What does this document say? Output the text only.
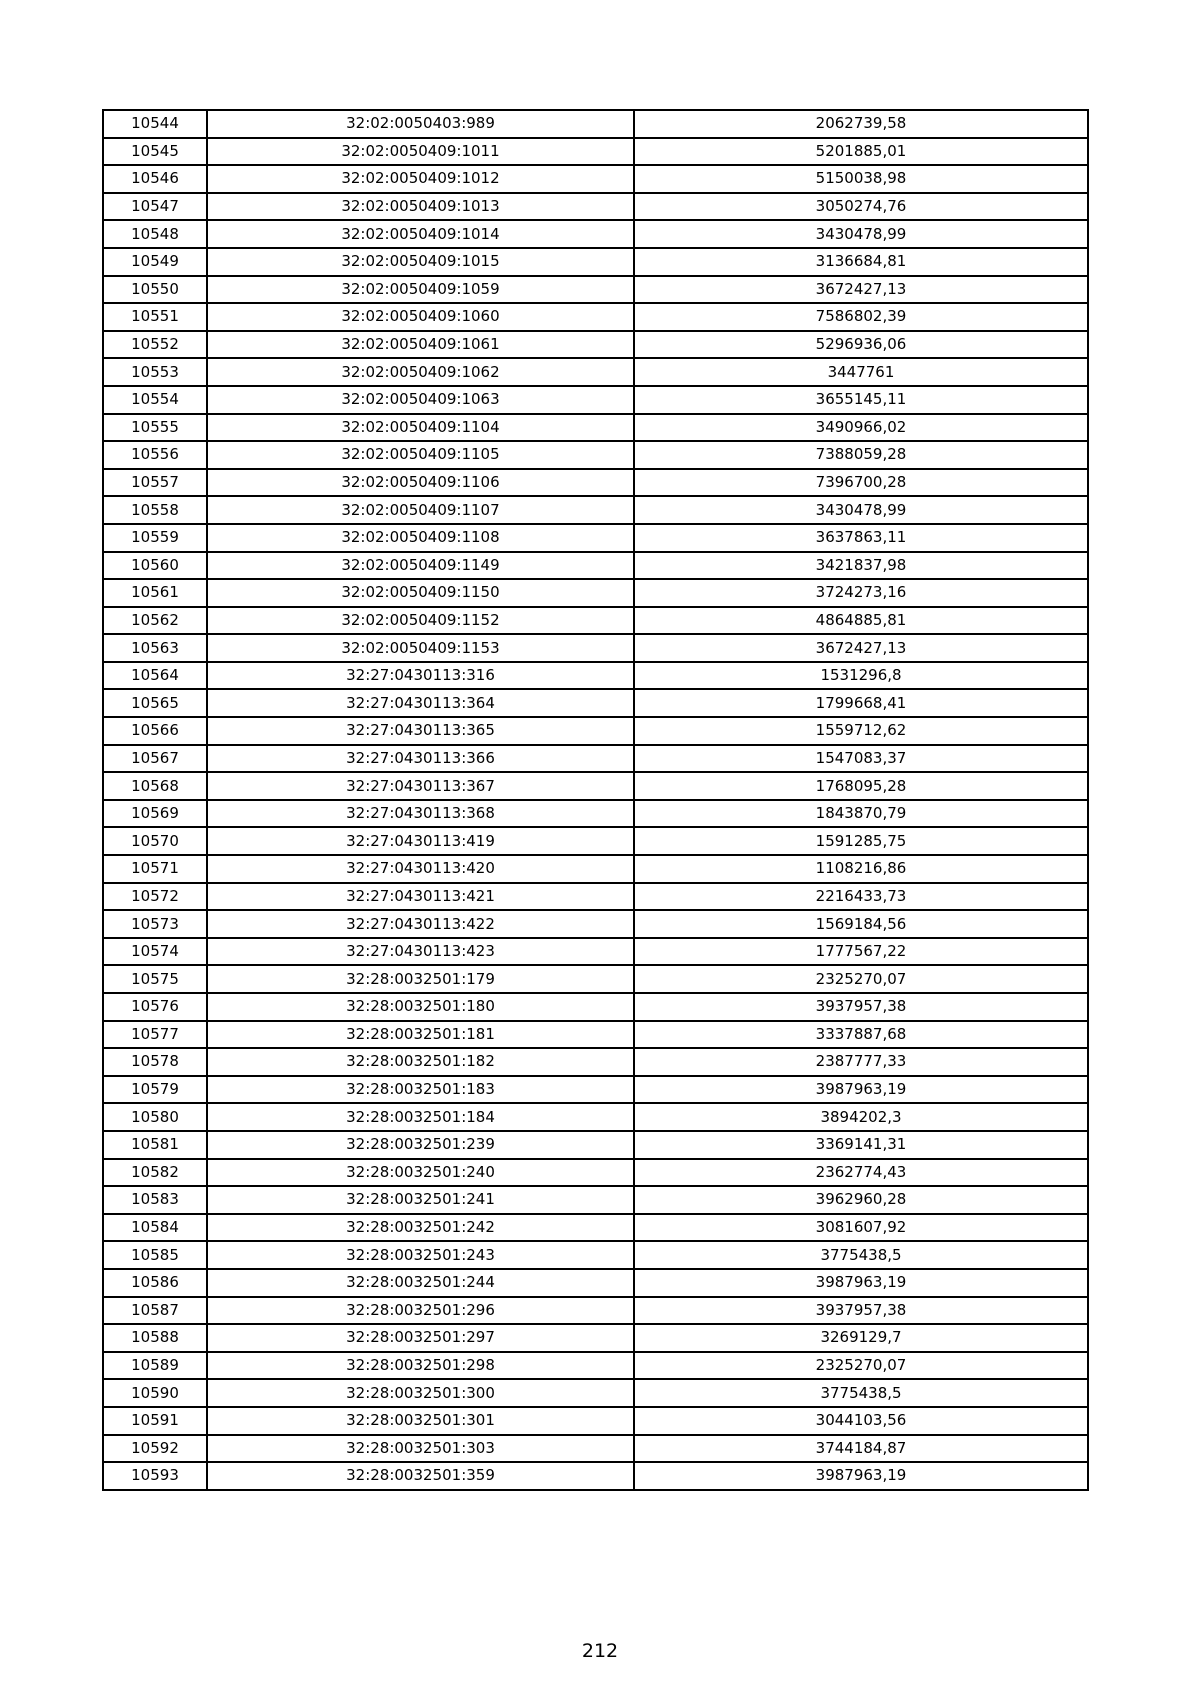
10544	32:02:0050403:989	2062739,58
10545	32:02:0050409:1011	5201885,01
10546	32:02:0050409:1012	5150038,98
10547	32:02:0050409:1013	3050274,76
10548	32:02:0050409:1014	3430478,99
10549	32:02:0050409:1015	3136684,81
10550	32:02:0050409:1059	3672427,13
10551	32:02:0050409:1060	7586802,39
10552	32:02:0050409:1061	5296936,06
10553	32:02:0050409:1062	3447761
10554	32:02:0050409:1063	3655145,11
10555	32:02:0050409:1104	3490966,02
10556	32:02:0050409:1105	7388059,28
10557	32:02:0050409:1106	7396700,28
10558	32:02:0050409:1107	3430478,99
10559	32:02:0050409:1108	3637863,11
10560	32:02:0050409:1149	3421837,98
10561	32:02:0050409:1150	3724273,16
10562	32:02:0050409:1152	4864885,81
10563	32:02:0050409:1153	3672427,13
10564	32:27:0430113:316	1531296,8
10565	32:27:0430113:364	1799668,41
10566	32:27:0430113:365	1559712,62
10567	32:27:0430113:366	1547083,37
10568	32:27:0430113:367	1768095,28
10569	32:27:0430113:368	1843870,79
10570	32:27:0430113:419	1591285,75
10571	32:27:0430113:420	1108216,86
10572	32:27:0430113:421	2216433,73
10573	32:27:0430113:422	1569184,56
10574	32:27:0430113:423	1777567,22
10575	32:28:0032501:179	2325270,07
10576	32:28:0032501:180	3937957,38
10577	32:28:0032501:181	3337887,68
10578	32:28:0032501:182	2387777,33
10579	32:28:0032501:183	3987963,19
10580	32:28:0032501:184	3894202,3
10581	32:28:0032501:239	3369141,31
10582	32:28:0032501:240	2362774,43
10583	32:28:0032501:241	3962960,28
10584	32:28:0032501:242	3081607,92
10585	32:28:0032501:243	3775438,5
10586	32:28:0032501:244	3987963,19
10587	32:28:0032501:296	3937957,38
10588	32:28:0032501:297	3269129,7
10589	32:28:0032501:298	2325270,07
10590	32:28:0032501:300	3775438,5
10591	32:28:0032501:301	3044103,56
10592	32:28:0032501:303	3744184,87
10593	32:28:0032501:359	3987963,19
212
